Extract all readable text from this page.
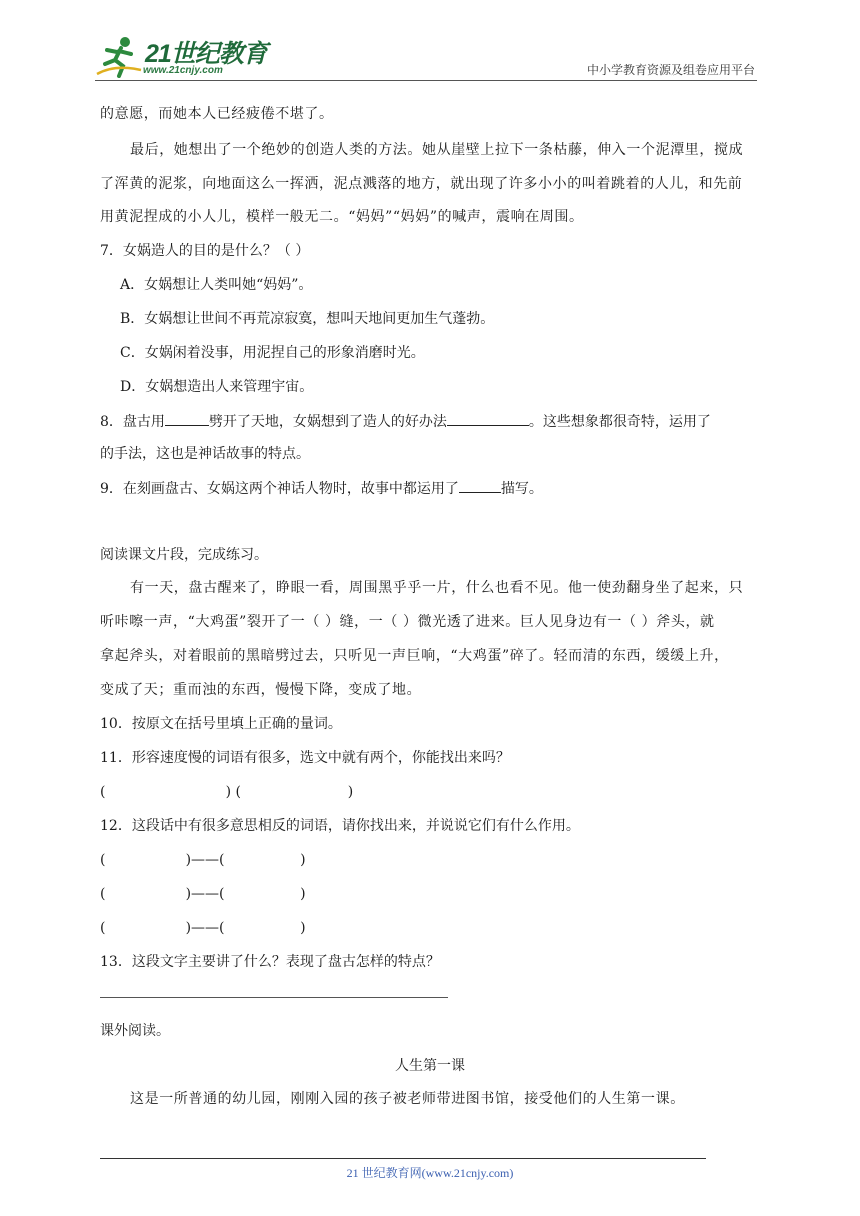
21世纪教育
www.21cnjy.com	中小学教育资源及组卷应用平台
的意愿，而她本人已经疲倦不堪了。
最后，她想出了一个绝妙的创造人类的方法。她从崖壁上拉下一条枯藤，伸入一个泥潭里，搅成
了浑黄的泥浆，向地面这么一挥洒，泥点溅落的地方，就出现了许多小小的叫着跳着的人儿，和先前
用黄泥捏成的小人儿，模样一般无二。“妈妈”“妈妈”的喊声，震响在周围。
7．女娲造人的目的是什么？（ ）
A．女娲想让人类叫她“妈妈”。
B．女娲想让世间不再荒凉寂寞，想叫天地间更加生气蓬勃。
C．女娲闲着没事，用泥捏自己的形象消磨时光。
D．女娲想造出人来管理宇宙。
8．盘古用	劈开了天地，女娲想到了造人的好办法	。这些想象都很奇特，运用了
的手法，这也是神话故事的特点。
9．在刻画盘古、女娲这两个神话人物时，故事中都运用了	描写。
阅读课文片段，完成练习。
有一天，盘古醒来了，睁眼一看，周围黑乎乎一片，什么也看不见。他一使劲翻身坐了起来，只
听咔嚓一声，“大鸡蛋”裂开了一（ ）缝，一（ ）微光透了进来。巨人见身边有一（ ）斧头，就
拿起斧头，对着眼前的黑暗劈过去，只听见一声巨响，“大鸡蛋”碎了。轻而清的东西，缓缓上升，
变成了天；重而浊的东西，慢慢下降，变成了地。
10．按原文在括号里填上正确的量词。
11．形容速度慢的词语有很多，选文中就有两个，你能找出来吗？
(                           ) (                        )
12．这段话中有很多意思相反的词语，请你找出来，并说说它们有什么作用。
(                  )——(                 )
(                  )——(                 )
(                  )——(                 )
13．这段文字主要讲了什么？表现了盘古怎样的特点？
课外阅读。
人生第一课
这是一所普通的幼儿园，刚刚入园的孩子被老师带进图书馆，接受他们的人生第一课。
21 世纪教育网(www.21cnjy.com)
